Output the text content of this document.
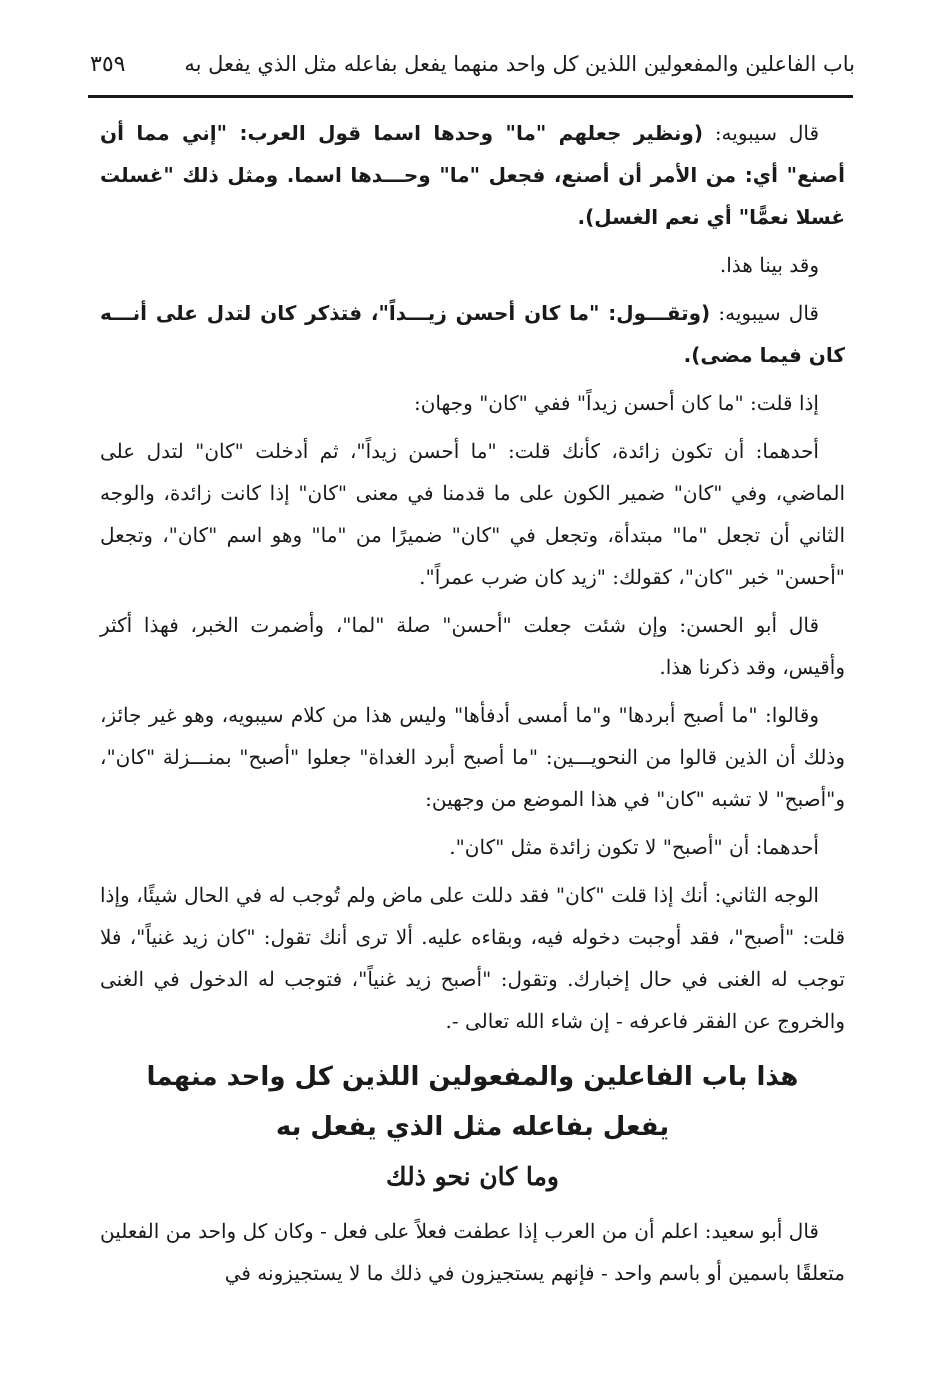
باب الفاعلين والمفعولين اللذين كل واحد منهما يفعل بفاعله مثل الذي يفعل به
٣٥٩

قال سيبويه: (ونظير جعلهم "ما" وحدها اسما قول العرب: "إني مما أن أصنع" أي: من الأمر أن أصنع، فجعل "ما" وحـــدها اسما. ومثل ذلك "غسلت غسلا نعمًّا" أي نعم الغسل).

وقد بينا هذا.

قال سيبويه: (وتقـــول: "ما كان أحسن زيـــداً"، فتذكر كان لتدل على أنـــه كان فيما مضى).

إذا قلت: "ما كان أحسن زيداً" ففي "كان" وجهان:

أحدهما: أن تكون زائدة، كأنك قلت: "ما أحسن زيداً"، ثم أدخلت "كان" لتدل على الماضي، وفي "كان" ضمير الكون على ما قدمنا في معنى "كان" إذا كانت زائدة، والوجه الثاني أن تجعل "ما" مبتدأة، وتجعل في "كان" ضميرًا من "ما" وهو اسم "كان"، وتجعل "أحسن" خبر "كان"، كقولك: "زيد كان ضرب عمراً".

قال أبو الحسن: وإن شئت جعلت "أحسن" صلة "لما"، وأضمرت الخبر، فهذا أكثر وأقيس، وقد ذكرنا هذا.

وقالوا: "ما أصبح أبردها" و"ما أمسى أدفأها" وليس هذا من كلام سيبويه، وهو غير جائز، وذلك أن الذين قالوا من النحويـــين: "ما أصبح أبرد الغداة" جعلوا "أصبح" بمنـــزلة "كان"، و"أصبح" لا تشبه "كان" في هذا الموضع من وجهين:

أحدهما: أن "أصبح" لا تكون زائدة مثل "كان".

الوجه الثاني: أنك إذا قلت "كان" فقد دللت على ماض ولم تُوجب له في الحال شيئًا، وإذا قلت: "أصبح"، فقد أوجبت دخوله فيه، وبقاءه عليه. ألا ترى أنك تقول: "كان زيد غنياً"، فلا توجب له الغنى في حال إخبارك. وتقول: "أصبح زيد غنياً"، فتوجب له الدخول في الغنى والخروج عن الفقر فاعرفه - إن شاء الله تعالى -.

هذا باب الفاعلين والمفعولين اللذين كل واحد منهما
يفعل بفاعله مثل الذي يفعل به
وما كان نحو ذلك

قال أبو سعيد: اعلم أن من العرب إذا عطفت فعلاً على فعل - وكان كل واحد من الفعلين متعلقًا باسمين أو باسم واحد - فإنهم يستجيزون في ذلك ما لا يستجيزونه في
